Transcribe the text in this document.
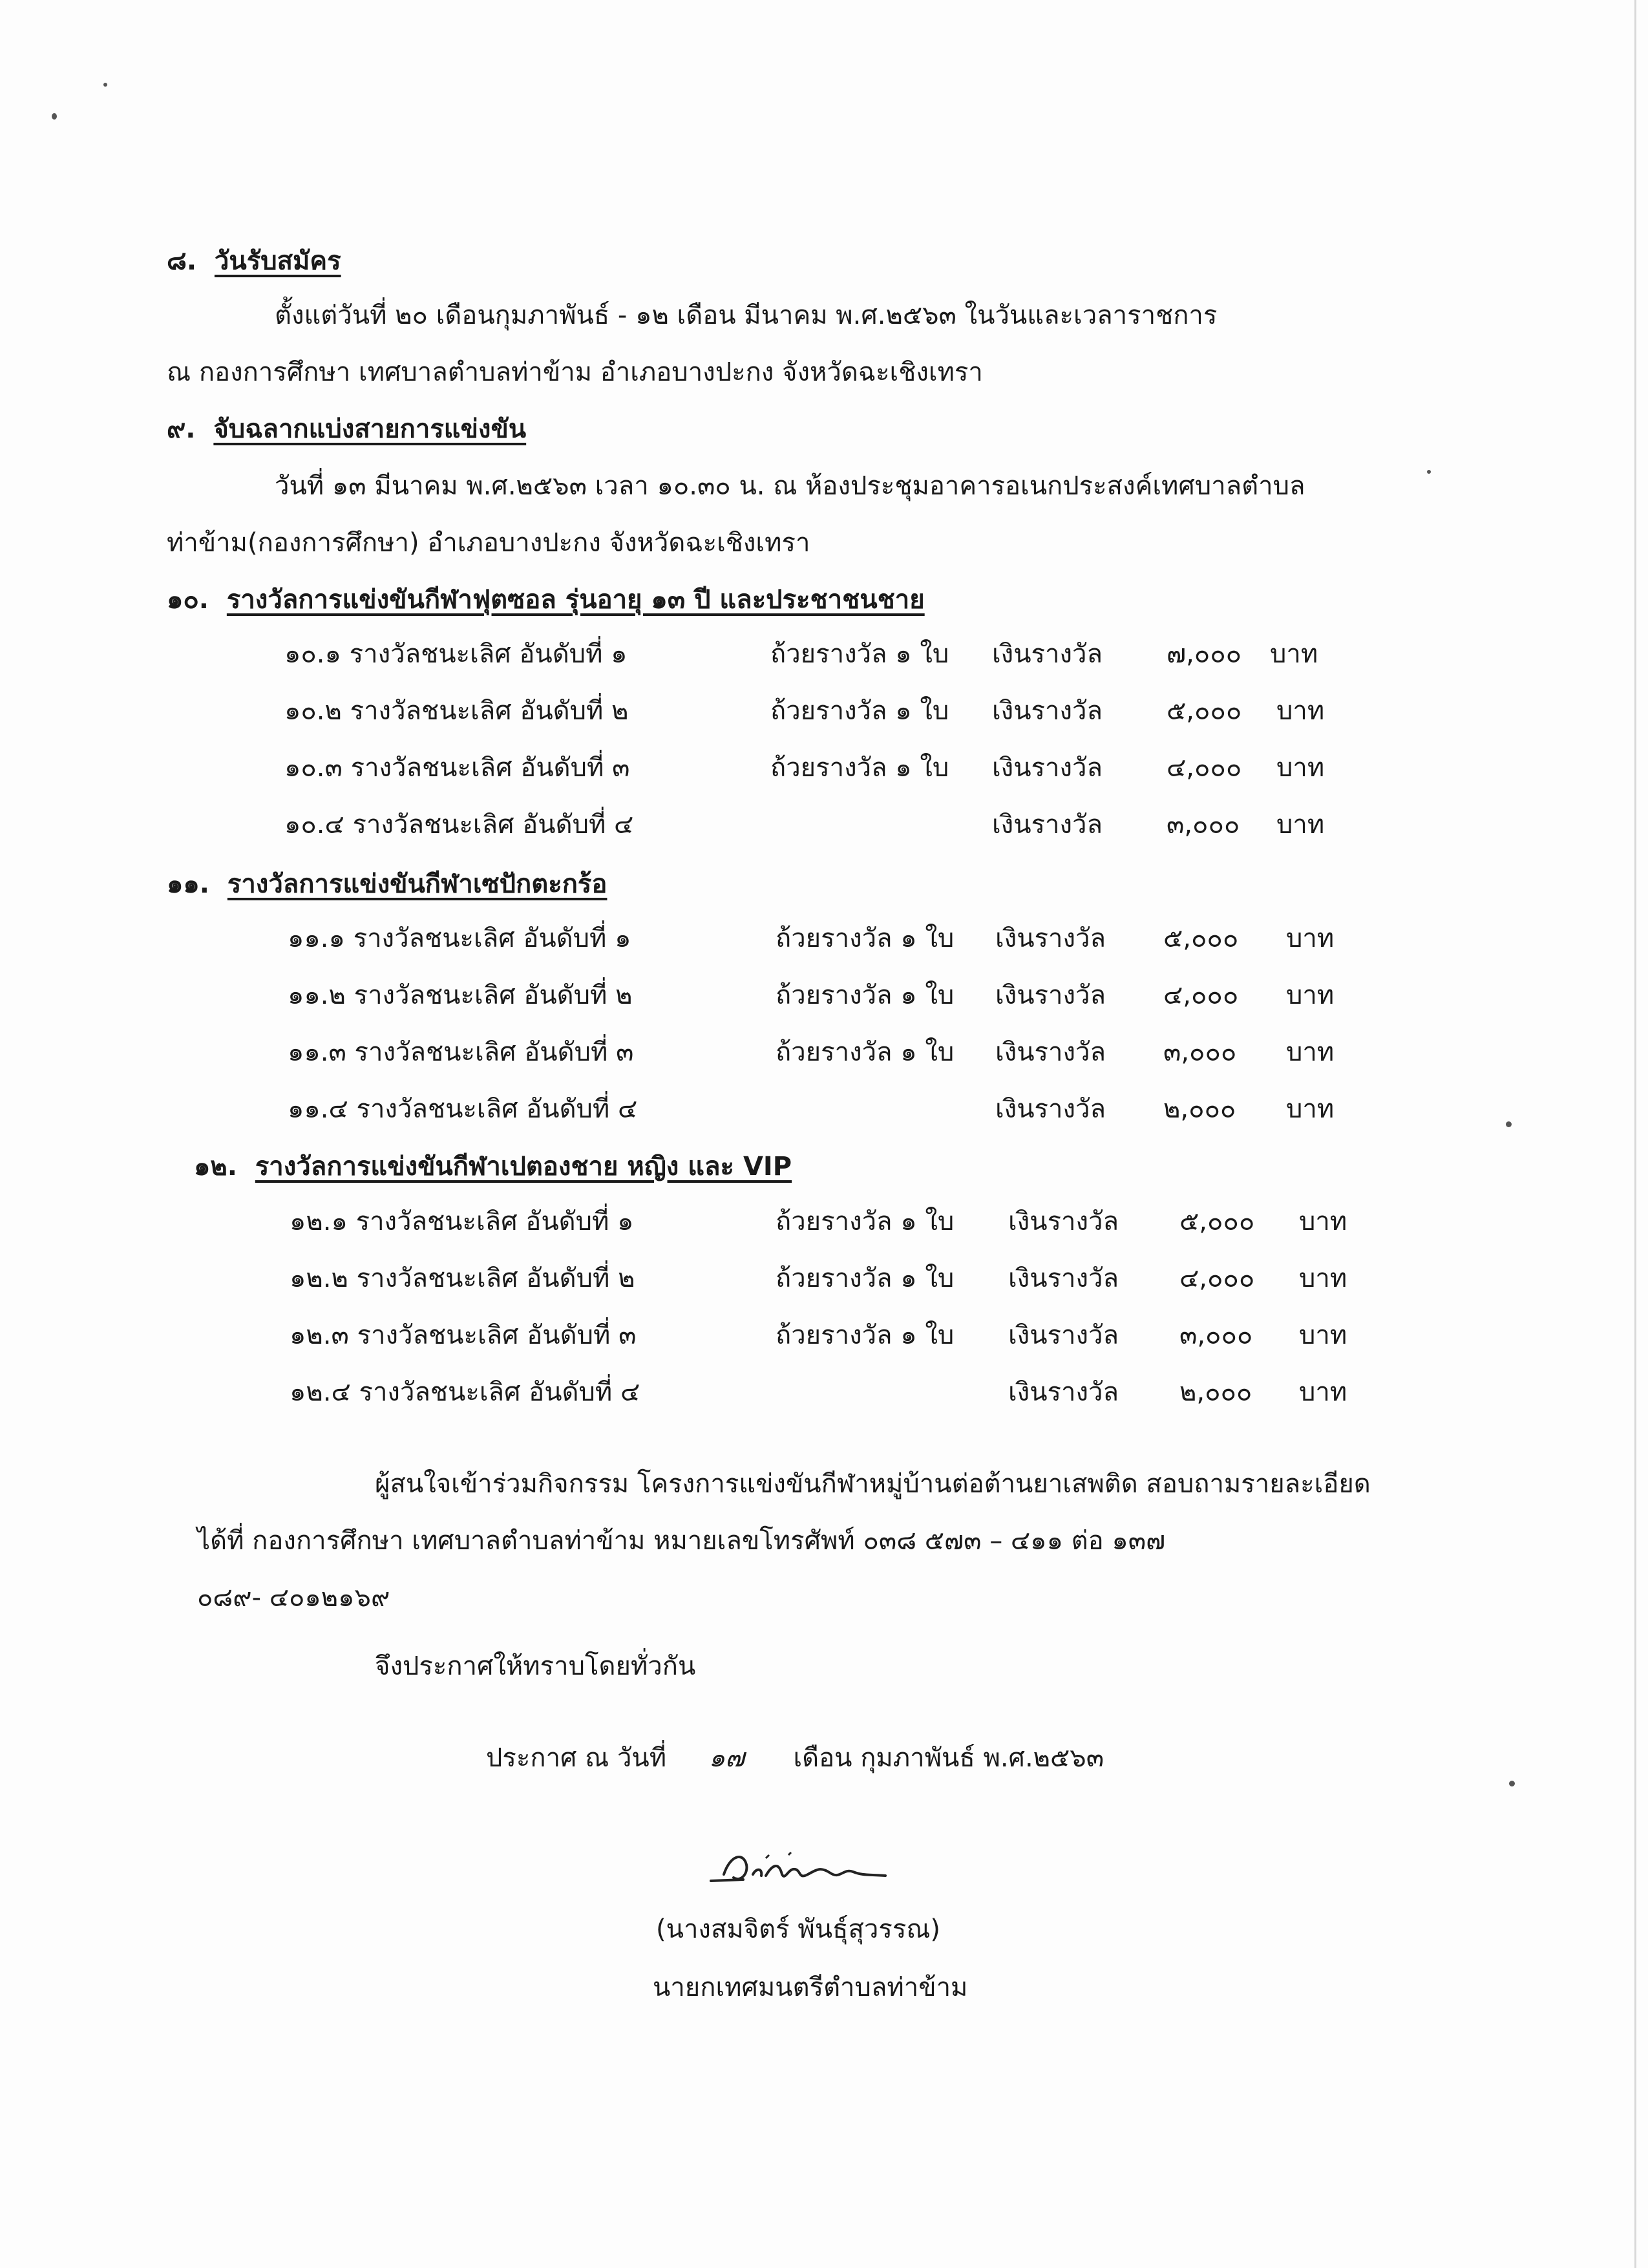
๘. วันรับสมัคร
ตั้งแต่วันที่ ๒๐ เดือนกุมภาพันธ์ - ๑๒ เดือน มีนาคม พ.ศ.๒๕๖๓ ในวันและเวลาราชการ
ณ กองการศึกษา เทศบาลตำบลท่าข้าม อำเภอบางปะกง จังหวัดฉะเชิงเทรา
๙. จับฉลากแบ่งสายการแข่งขัน
วันที่ ๑๓ มีนาคม พ.ศ.๒๕๖๓ เวลา ๑๐.๓๐ น. ณ ห้องประชุมอาคารอเนกประสงค์เทศบาลตำบล
ท่าข้าม(กองการศึกษา) อำเภอบางปะกง จังหวัดฉะเชิงเทรา
๑๐. รางวัลการแข่งขันกีฬาฟุตซอล รุ่นอายุ ๑๓ ปี และประชาชนชาย
๑๐.๑ รางวัลชนะเลิศ อันดับที่ ๑	ถ้วยรางวัล ๑ ใบ เงินรางวัล ๗,๐๐๐ บาท
๑๐.๒ รางวัลชนะเลิศ อันดับที่ ๒	ถ้วยรางวัล ๑ ใบ เงินรางวัล ๕,๐๐๐ บาท
๑๐.๓ รางวัลชนะเลิศ อันดับที่ ๓	ถ้วยรางวัล ๑ ใบ เงินรางวัล ๔,๐๐๐ บาท
๑๐.๔ รางวัลชนะเลิศ อันดับที่ ๔	เงินรางวัล ๓,๐๐๐ บาท
๑๑. รางวัลการแข่งขันกีฬาเซปักตะกร้อ
๑๑.๑ รางวัลชนะเลิศ อันดับที่ ๑	ถ้วยรางวัล ๑ ใบ เงินรางวัล ๕,๐๐๐ บาท
๑๑.๒ รางวัลชนะเลิศ อันดับที่ ๒	ถ้วยรางวัล ๑ ใบ เงินรางวัล ๔,๐๐๐ บาท
๑๑.๓ รางวัลชนะเลิศ อันดับที่ ๓	ถ้วยรางวัล ๑ ใบ เงินรางวัล ๓,๐๐๐ บาท
๑๑.๔ รางวัลชนะเลิศ อันดับที่ ๔	เงินรางวัล ๒,๐๐๐ บาท
๑๒. รางวัลการแข่งขันกีฬาเปตองชาย หญิง และ VIP
๑๒.๑ รางวัลชนะเลิศ อันดับที่ ๑	ถ้วยรางวัล ๑ ใบ เงินรางวัล ๕,๐๐๐ บาท
๑๒.๒ รางวัลชนะเลิศ อันดับที่ ๒	ถ้วยรางวัล ๑ ใบ เงินรางวัล ๔,๐๐๐ บาท
๑๒.๓ รางวัลชนะเลิศ อันดับที่ ๓	ถ้วยรางวัล ๑ ใบ เงินรางวัล ๓,๐๐๐ บาท
๑๒.๔ รางวัลชนะเลิศ อันดับที่ ๔	เงินรางวัล ๒,๐๐๐ บาท
ผู้สนใจเข้าร่วมกิจกรรม โครงการแข่งขันกีฬาหมู่บ้านต่อต้านยาเสพติด สอบถามรายละเอียด
ได้ที่ กองการศึกษา เทศบาลตำบลท่าข้าม หมายเลขโทรศัพท์ ๐๓๘ ๕๗๓ – ๔๑๑ ต่อ ๑๓๗
๐๘๙- ๔๐๑๒๑๖๙
จึงประกาศให้ทราบโดยทั่วกัน
ประกาศ ณ วันที่ ๑๗ เดือน กุมภาพันธ์ พ.ศ.๒๕๖๓
(นางสมจิตร์ พันธุ์สุวรรณ)
นายกเทศมนตรีตำบลท่าข้าม
